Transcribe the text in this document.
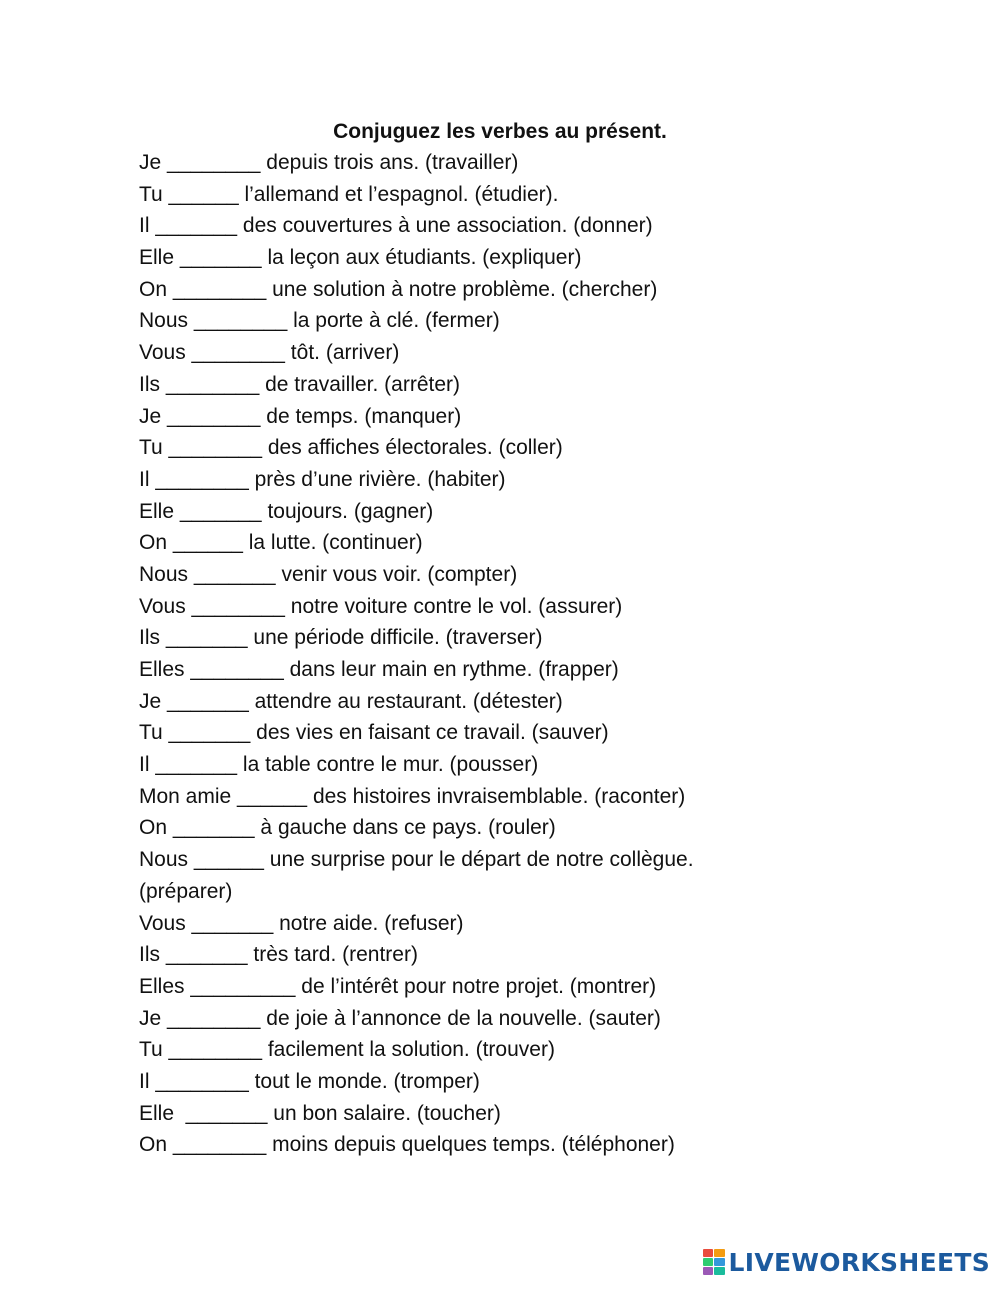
Conjuguez les verbes au présent.
Je ________ depuis trois ans. (travailler)
Tu ______ l’allemand et l’espagnol. (étudier).
Il _______ des couvertures à une association. (donner)
Elle _______ la leçon aux étudiants. (expliquer)
On ________ une solution à notre problème. (chercher)
Nous ________ la porte à clé. (fermer)
Vous ________ tôt. (arriver)
Ils ________ de travailler. (arrêter)
Je ________ de temps. (manquer)
Tu ________ des affiches électorales. (coller)
Il ________ près d’une rivière. (habiter)
Elle _______ toujours. (gagner)
On ______ la lutte. (continuer)
Nous _______ venir vous voir. (compter)
Vous ________ notre voiture contre le vol. (assurer)
Ils _______ une période difficile. (traverser)
Elles ________ dans leur main en rythme. (frapper)
Je _______ attendre au restaurant. (détester)
Tu _______ des vies en faisant ce travail. (sauver)
Il _______ la table contre le mur. (pousser)
Mon amie ______ des histoires invraisemblable. (raconter)
On _______ à gauche dans ce pays. (rouler)
Nous ______ une surprise pour le départ de notre collègue.
(préparer)
Vous _______ notre aide. (refuser)
Ils _______ très tard. (rentrer)
Elles _________ de l’intérêt pour notre projet. (montrer)
Je ________ de joie à l’annonce de la nouvelle. (sauter)
Tu ________ facilement la solution. (trouver)
Il ________ tout le monde. (tromper)
Elle  _______ un bon salaire. (toucher)
On ________ moins depuis quelques temps. (téléphoner)
LIVEWORKSHEETS
